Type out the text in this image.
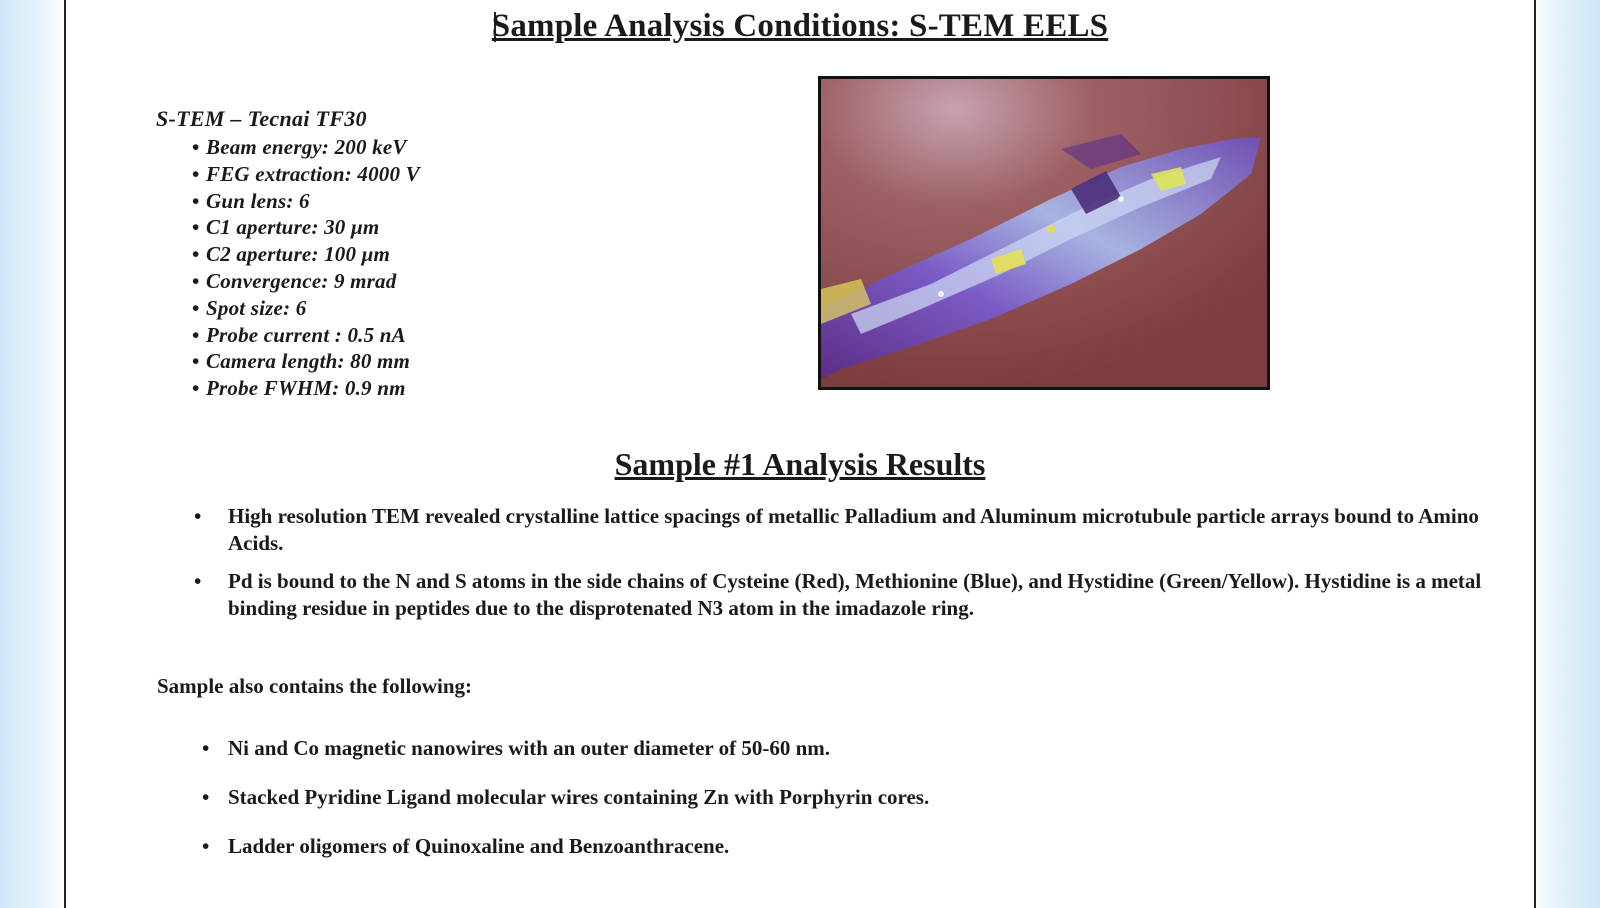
Sample Analysis Conditions: S-TEM EELS
S-TEM – Tecnai TF30
• Beam energy: 200 keV
• FEG extraction: 4000 V
• Gun lens: 6
• C1 aperture: 30 μm
• C2 aperture: 100 μm
• Convergence: 9 mrad
• Spot size: 6
• Probe current : 0.5 nA
• Camera length: 80 mm
• Probe FWHM: 0.9 nm
Sample #1 Analysis Results
• High resolution TEM revealed crystalline lattice spacings of metallic Palladium and Aluminum microtubule particle arrays bound to Amino Acids.
• Pd is bound to the N and S atoms in the side chains of Cysteine (Red), Methionine (Blue), and Hystidine (Green/Yellow). Hystidine is a metal binding residue in peptides due to the disprotenated N3 atom in the imadazole ring.
Sample also contains the following:
• Ni and Co magnetic nanowires with an outer diameter of 50-60 nm.
• Stacked Pyridine Ligand molecular wires containing Zn with Porphyrin cores.
• Ladder oligomers of Quinoxaline and Benzoanthracene.
